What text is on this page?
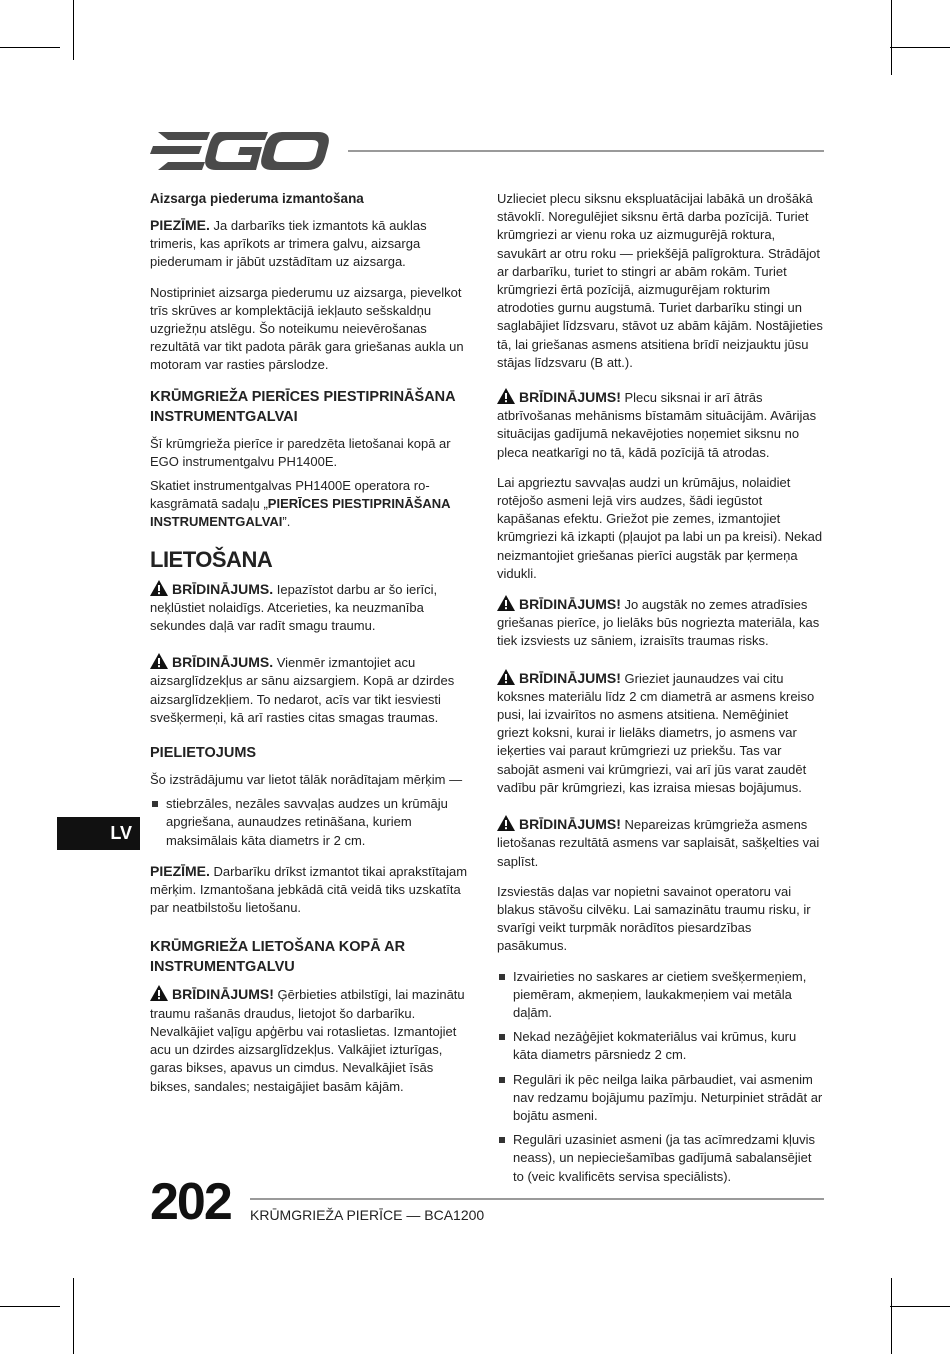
Aizsarga piederuma izmantošana

PIEZĪME. Ja darbarīks tiek izmantots kā auklas trimeris, kas aprīkots ar trimera galvu, aizsarga piederumam ir jābūt uzstādītam uz aizsarga.

Nostipriniet aizsarga piederumu uz aizsarga, pievelkot trīs skrūves ar komplektācijā iekļauto sešskaldņu uzgriežņu atslēgu. Šo noteikumu neievērošanas rezultātā var tikt padota pārāk gara griešanas aukla un motoram var rasties pārslodze.

KRŪMGRIEŽA PIERĪCES PIESTIPRINĀŠANA INSTRUMENTGALVAI

Šī krūmgrieža pierīce ir paredzēta lietošanai kopā ar EGO instrumentgalvu PH1400E.

Skatiet instrumentgalvas PH1400E operatora ro-kasgrāmatā sadaļu „PIERĪCES PIESTIPRINĀŠANA INSTRUMENTGALVAI”.

LIETOŠANA

BRĪDINĀJUMS. Iepazīstot darbu ar šo ierīci, neķlūstiet nolaidīgs. Atcerieties, ka neuzmanība sekundes daļā var radīt smagu traumu.

BRĪDINĀJUMS. Vienmēr izmantojiet acu aizsarglīdzekļus ar sānu aizsargiem. Kopā ar dzirdes aizsarglīdzekļiem. To nedarot, acīs var tikt iesviesti svešķermeņi, kā arī rasties citas smagas traumas.

PIELIETOJUMS

Šo izstrādājumu var lietot tālāk norādītajam mērķim —

stiebrzāles, nezāles savvaļas audzes un krūmāju apgriešana, aunaudzes retināšana, kuriem maksimālais kāta diametrs ir 2 cm.

PIEZĪME. Darbarīku drīkst izmantot tikai aprakstītajam mērķim. Izmantošana jebkādā citā veidā tiks uzskatīta par neatbilstošu lietošanu.

KRŪMGRIEŽA LIETOŠANA KOPĀ AR INSTRUMENTGALVU

BRĪDINĀJUMS! Ģērbieties atbilstīgi, lai mazinātu traumu rašanās draudus, lietojot šo darbarīku. Nevalkājiet vaļīgu apģērbu vai rotaslietas. Izmantojiet acu un dzirdes aizsarglīdzekļus. Valkājiet izturīgas, garas bikses, apavus un cimdus. Nevalkājiet īsās bikses, sandales; nestaigājiet basām kājām.

Uzlieciet plecu siksnu ekspluatācijai labākā un drošākā stāvoklī. Noregulējiet siksnu ērtā darba pozīcijā. Turiet krūmgriezi ar vienu roka uz aizmugurējā roktura, savukārt ar otru roku — priekšējā palīgroktura. Strādājot ar darbarīku, turiet to stingri ar abām rokām. Turiet krūmgriezi ērtā pozīcijā, aizmugurējam rokturim atrodoties gurnu augstumā. Turiet darbarīku stingi un saglabājiet līdzsvaru, stāvot uz abām kājām. Nostājieties tā, lai griešanas asmens atsitiena brīdī neizjauktu jūsu stājas līdzsvaru (B att.).

BRĪDINĀJUMS! Plecu siksnai ir arī ātrās atbrīvošanas mehānisms bīstamām situācijām. Avārijas situācijas gadījumā nekavējoties noņemiet siksnu no pleca neatkarīgi no tā, kādā pozīcijā tā atrodas.

Lai apgrieztu savvaļas audzi un krūmājus, nolaidiet rotējošo asmeni lejā virs audzes, šādi iegūstot kapāšanas efektu. Griežot pie zemes, izmantojiet krūmgriezi kā izkapti (pļaujot pa labi un pa kreisi). Nekad neizmantojiet griešanas pierīci augstāk par ķermeņa vidukli.

BRĪDINĀJUMS! Jo augstāk no zemes atradīsies griešanas pierīce, jo lielāks būs nogriezta materiāla, kas tiek izsviests uz sāniem, izraisīts traumas risks.

BRĪDINĀJUMS! Grieziet jaunaudzes vai citu koksnes materiālu līdz 2 cm diametrā ar asmens kreiso pusi, lai izvairītos no asmens atsitiena. Nemēģiniet griezt koksni, kurai ir lielāks diametrs, jo asmens var ieķerties vai paraut krūmgriezi uz priekšu. Tas var sabojāt asmeni vai krūmgriezi, vai arī jūs varat zaudēt vadību pār krūmgriezi, kas izraisa miesas bojājumus.

BRĪDINĀJUMS! Nepareizas krūmgrieža asmens lietošanas rezultātā asmens var saplaisāt, sašķelties vai saplīst.

Izsviestās daļas var nopietni savainot operatoru vai blakus stāvošu cilvēku. Lai samazinātu traumu risku, ir svarīgi veikt turpmāk norādītos piesardzības pasākumus.

Izvairieties no saskares ar cietiem svešķermeņiem, piemēram, akmeņiem, laukakmeņiem vai metāla daļām.
Nekad nezāģējiet kokmateriālus vai krūmus, kuru kāta diametrs pārsniedz 2 cm.
Regulāri ik pēc neilga laika pārbaudiet, vai asmenim nav redzamu bojājumu pazīmju. Neturpiniet strādāt ar bojātu asmeni.
Regulāri uzasiniet asmeni (ja tas acīmredzami kļuvis neass), un nepieciešamības gadījumā sabalansējiet to (veic kvalificēts servisa speciālists).
LV
202 KRŪMGRIEŽA PIERĪCE — BCA1200
